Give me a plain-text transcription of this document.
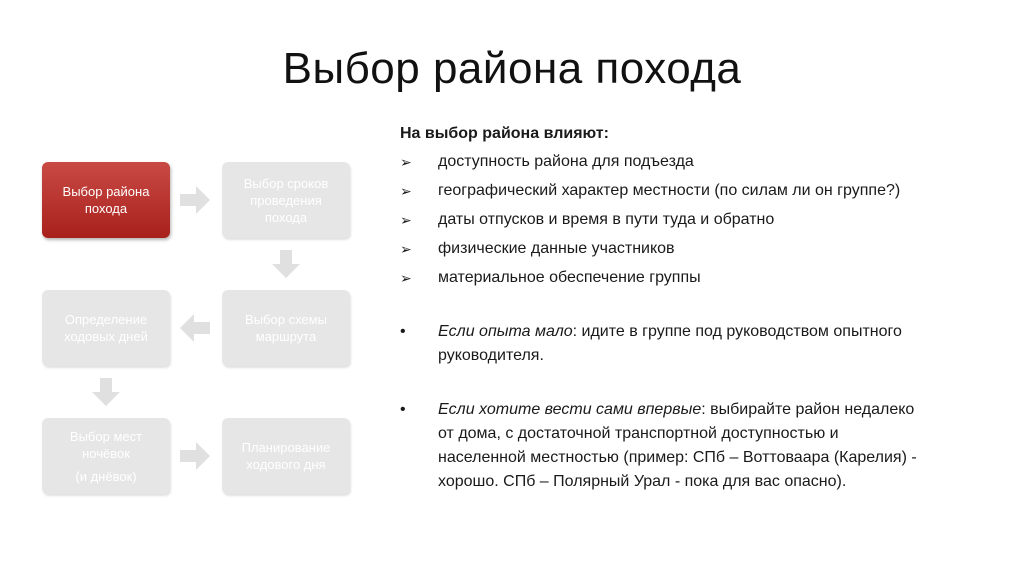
Выбор района похода
Выбор района похода
Выбор сроков проведения похода
Выбор схемы маршрута
Определение ходовых дней
Выбор мест ночёвок
(и днёвок)
Планирование ходового дня
На выбор района влияют:
➢	доступность района для подъезда
➢	географический характер местности (по силам ли он группе?)
➢	даты отпусков и время в пути туда и обратно
➢	физические данные участников
➢	материальное обеспечение группы
•	Если опыта мало: идите в группе под руководством опытного руководителя.
•	Если хотите вести сами впервые: выбирайте район недалеко от дома, с достаточной транспортной доступностью и населенной местностью (пример: СПб – Воттоваара (Карелия) - хорошо. СПб – Полярный Урал - пока для вас опасно).
